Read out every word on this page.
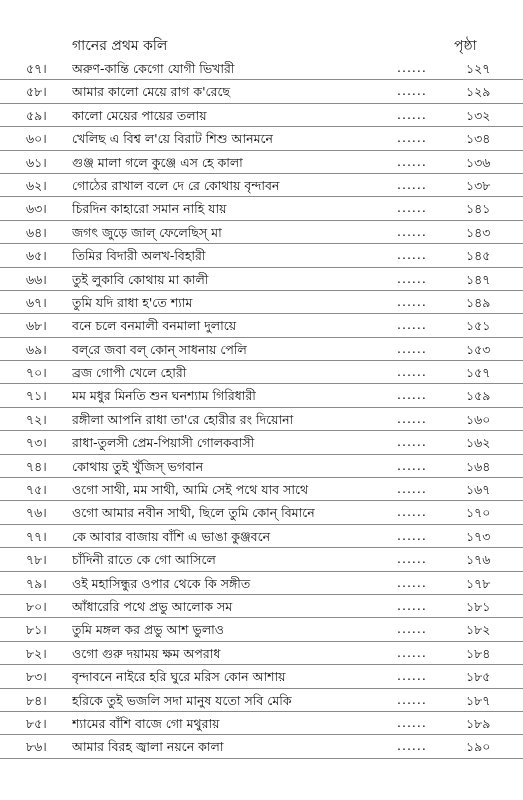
গানের প্রথম কলি	পৃষ্ঠা
৫৭। অরুণ-কান্তি কেগো যোগী ভিখারী	......	১২৭
৫৮। আমার কালো মেয়ে রাগ ক'রেছে	......	১২৯
৫৯। কালো মেয়ের পায়ের তলায়	......	১৩২
৬০। খেলিছ এ বিশ্ব ল'য়ে বিরাট শিশু আনমনে	......	১৩৪
৬১। গুঞ্জ মালা গলে কুঞ্জে এস হে কালা	......	১৩৬
৬২। গোঠের রাখাল বলে দে রে কোথায় বৃন্দাবন	......	১৩৮
৬৩। চিরদিন কাহারো সমান নাহি যায়	......	১৪১
৬৪। জগৎ জুড়ে জাল্ ফেলেছিস্ মা	......	১৪৩
৬৫। তিমির বিদারী অলখ-বিহারী	......	১৪৫
৬৬। তুই লুকাবি কোথায় মা কালী	......	১৪৭
৬৭। তুমি যদি রাধা হ'তে শ্যাম	......	১৪৯
৬৮। বনে চলে বনমালী বনমালা দুলায়ে	......	১৫১
৬৯। বল্‌রে জবা বল্ কোন্ সাধনায় পেলি	......	১৫৩
৭০। ব্রজ গোপী খেলে হোরী	......	১৫৭
৭১। মম মধুর মিনতি শুন ঘনশ্যাম গিরিধারী	......	১৫৯
৭২। রঙ্গীলা আপনি রাধা তা'রে হোরীর রং দিয়োনা	......	১৬০
৭৩। রাধা-তুলসী প্রেম-পিয়াসী গোলকবাসী	......	১৬২
৭৪। কোথায় তুই খুঁজিস্ ভগবান	......	১৬৪
৭৫। ওগো সাথী, মম সাথী, আমি সেই পথে যাব সাথে	......	১৬৭
৭৬। ওগো আমার নবীন সাথী, ছিলে তুমি কোন্ বিমানে	......	১৭০
৭৭। কে আবার বাজায় বাঁশি এ ভাঙা কুঞ্জবনে	......	১৭৩
৭৮। চাঁদিনী রাতে কে গো আসিলে	......	১৭৬
৭৯। ওই মহাসিন্ধুর ওপার থেকে কি সঙ্গীত	......	১৭৮
৮০। আঁধারেরি পথে প্রভু আলোক সম	......	১৮১
৮১। তুমি মঙ্গল কর প্রভু আশ ভুলাও	......	১৮২
৮২। ওগো গুরু দয়াময় ক্ষম অপরাধ	......	১৮৪
৮৩। বৃন্দাবনে নাইরে হরি ঘুরে মরিস কোন আশায়	......	১৮৫
৮৪। হরিকে তুই ভজলি সদা মানুষ যতো সবি মেকি	......	১৮৭
৮৫। শ্যামের বাঁশি বাজে গো মথুরায়	......	১৮৯
৮৬। আমার বিরহ জ্বালা নয়নে কালা	......	১৯০
